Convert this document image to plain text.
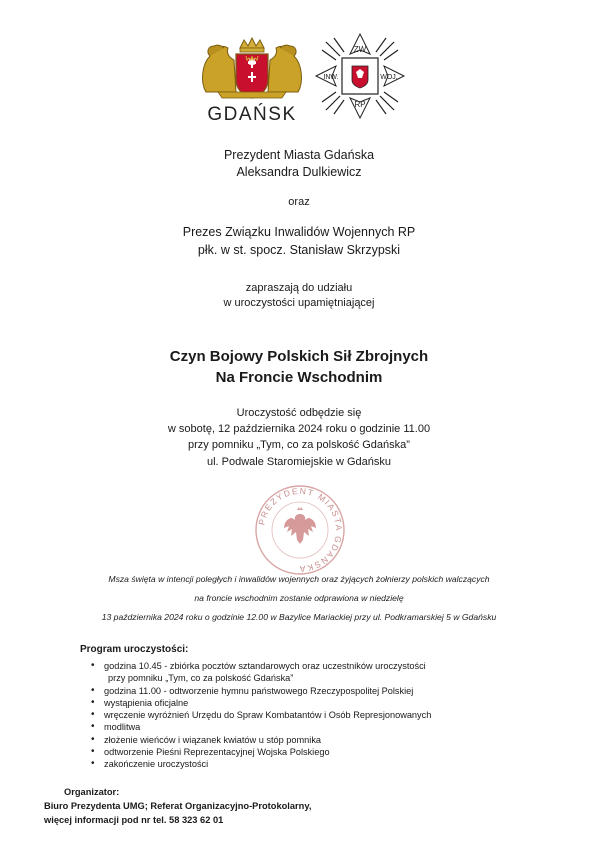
GDAŃSK
ZW
INW.	WOJ.
RP
Prezydent Miasta Gdańska
Aleksandra Dulkiewicz
oraz
Prezes Związku Inwalidów Wojennych RP
płk. w st. spocz. Stanisław Skrzypski
zapraszają do udziału
w uroczystości upamiętniającej
Czyn Bojowy Polskich Sił Zbrojnych
Na Froncie Wschodnim
Uroczystość odbędzie się
w sobotę, 12 października 2024 roku o godzinie 11.00
przy pomniku „Tym, co za polskość Gdańska”
ul. Podwale Staromiejskie w Gdańsku
PREZYDENT MIASTA GDAŃSKA
Msza święta w intencji poległych i inwalidów wojennych oraz żyjących żołnierzy polskich walczących
na froncie wschodnim zostanie odprawiona w niedzielę
13 października 2024 roku o godzinie 12.00 w Bazylice Mariackiej przy ul. Podkramarskiej 5 w Gdańsku
Program uroczystości:
• godzina 10.45 - zbiórka pocztów sztandarowych oraz uczestników uroczystości
przy pomniku „Tym, co za polskość Gdańska”
• godzina 11.00 - odtworzenie hymnu państwowego Rzeczypospolitej Polskiej
• wystąpienia oficjalne
• wręczenie wyróżnień Urzędu do Spraw Kombatantów i Osób Represjonowanych
• modlitwa
• złożenie wieńców i wiązanek kwiatów u stóp pomnika
• odtworzenie Pieśni Reprezentacyjnej Wojska Polskiego
• zakończenie uroczystości
Organizator:
Biuro Prezydenta UMG; Referat Organizacyjno-Protokolarny,
więcej informacji pod nr tel. 58 323 62 01
